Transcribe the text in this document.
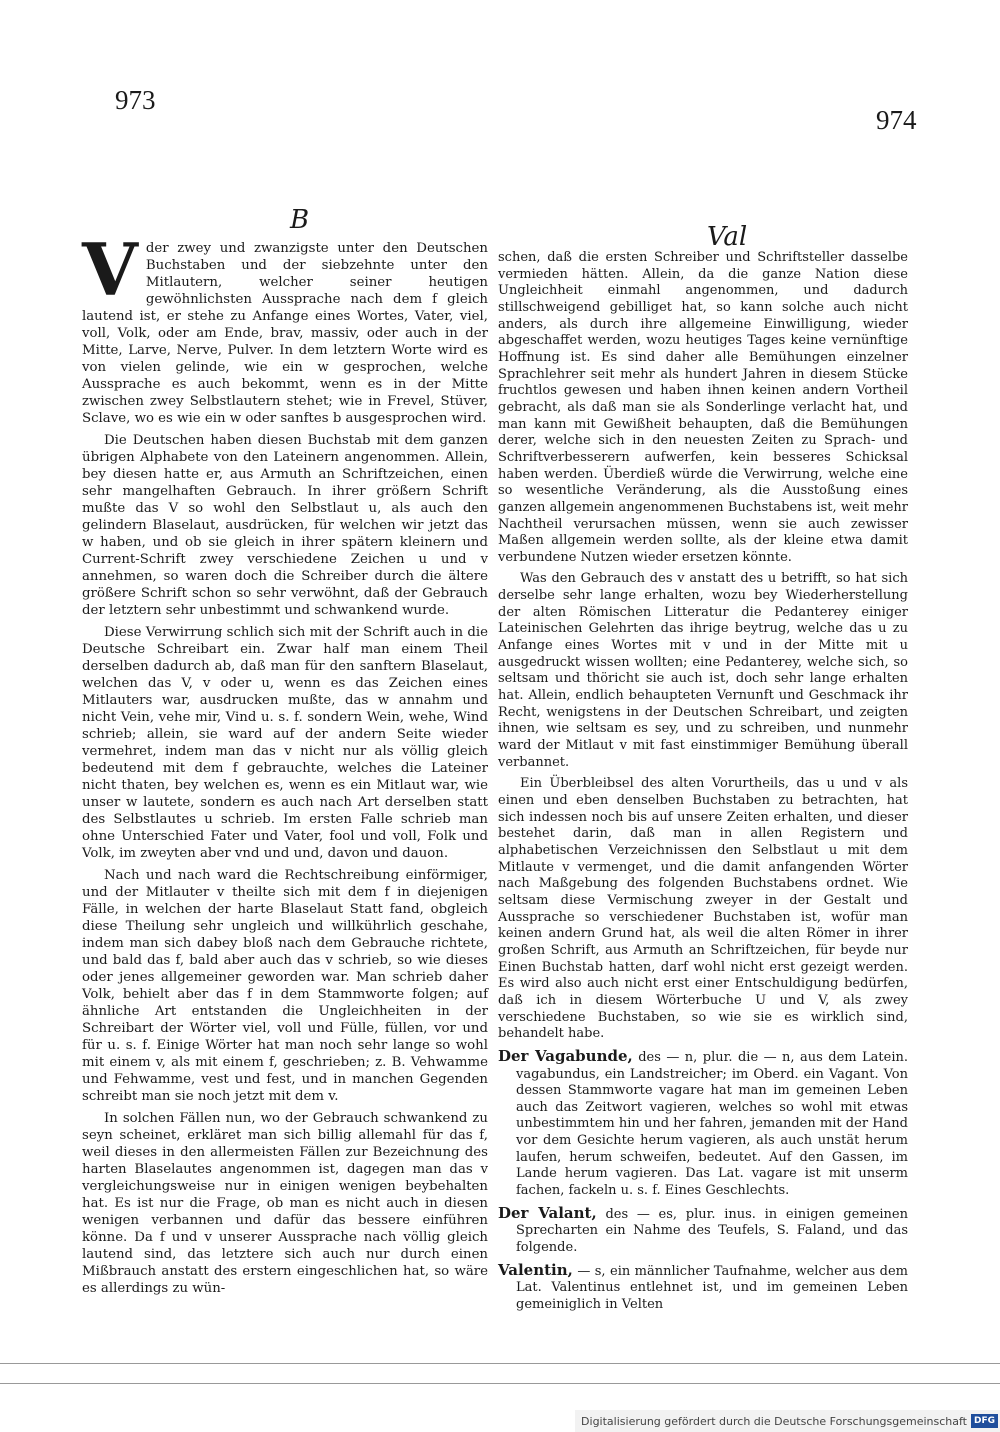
973
974
B
Val

V der zwey und zwanzigste unter den Deutschen Buchstaben und der siebzehnte unter den Mitlautern, welcher seiner heutigen gewöhnlichsten Aussprache nach dem f gleich lautend ist, er stehe zu Anfange eines Wortes, Vater, viel, voll, Volk, oder am Ende, brav, massiv, oder auch in der Mitte, Larve, Nerve, Pulver. In dem letztern Worte wird es von vielen gelinde, wie ein w gesprochen, welche Aussprache es auch bekommt, wenn es in der Mitte zwischen zwey Selbstlautern stehet; wie in Frevel, Stüver, Sclave, wo es wie ein w oder sanftes b ausgesprochen wird.

Die Deutschen haben diesen Buchstab mit dem ganzen übrigen Alphabete von den Lateinern angenommen. Allein, bey diesen hatte er, aus Armuth an Schriftzeichen, einen sehr mangelhaften Gebrauch. In ihrer größern Schrift mußte das V so wohl den Selbstlaut u, als auch den gelindern Blaselaut, ausdrücken, für welchen wir jetzt das w haben, und ob sie gleich in ihrer spätern kleinern und Current-Schrift zwey verschiedene Zeichen u und v annehmen, so waren doch die Schreiber durch die ältere größere Schrift schon so sehr verwöhnt, daß der Gebrauch der letztern sehr unbestimmt und schwankend wurde.

Diese Verwirrung schlich sich mit der Schrift auch in die Deutsche Schreibart ein. Zwar half man einem Theil derselben dadurch ab, daß man für den sanftern Blaselaut, welchen das V, v oder u, wenn es das Zeichen eines Mitlauters war, ausdrucken mußte, das w annahm und nicht Vein, vehe mir, Vind u. s. f. sondern Wein, wehe, Wind schrieb; allein, sie ward auf der andern Seite wieder vermehret, indem man das v nicht nur als völlig gleich bedeutend mit dem f gebrauchte, welches die Lateiner nicht thaten, bey welchen es, wenn es ein Mitlaut war, wie unser w lautete, sondern es auch nach Art derselben statt des Selbstlautes u schrieb. Im ersten Falle schrieb man ohne Unterschied Fater und Vater, fool und voll, Folk und Volk, im zweyten aber vnd und und, davon und dauon.

Nach und nach ward die Rechtschreibung einförmiger, und der Mitlauter v theilte sich mit dem f in diejenigen Fälle, in welchen der harte Blaselaut Statt fand, obgleich diese Theilung sehr ungleich und willkührlich geschahe, indem man sich dabey bloß nach dem Gebrauche richtete, und bald das f, bald aber auch das v schrieb, so wie dieses oder jenes allgemeiner geworden war. Man schrieb daher Volk, behielt aber das f in dem Stammworte folgen; auf ähnliche Art entstanden die Ungleichheiten in der Schreibart der Wörter viel, voll und Fülle, füllen, vor und für u. s. f. Einige Wörter hat man noch sehr lange so wohl mit einem v, als mit einem f, geschrieben; z. B. Vehwamme und Fehwamme, vest und fest, und in manchen Gegenden schreibt man sie noch jetzt mit dem v.

In solchen Fällen nun, wo der Gebrauch schwankend zu seyn scheinet, erkläret man sich billig allemahl für das f, weil dieses in den allermeisten Fällen zur Bezeichnung des harten Blaselautes angenommen ist, dagegen man das v vergleichungsweise nur in einigen wenigen beybehalten hat. Es ist nur die Frage, ob man es nicht auch in diesen wenigen verbannen und dafür das bessere einführen könne. Da f und v unserer Aussprache nach völlig gleich lautend sind, das letztere sich auch nur durch einen Mißbrauch anstatt des erstern eingeschlichen hat, so wäre es allerdings zu wün-

schen, daß die ersten Schreiber und Schriftsteller dasselbe vermieden hätten. Allein, da die ganze Nation diese Ungleichheit einmahl angenommen, und dadurch stillschweigend gebilliget hat, so kann solche auch nicht anders, als durch ihre allgemeine Einwilligung, wieder abgeschaffet werden, wozu heutiges Tages keine vernünftige Hoffnung ist. Es sind daher alle Bemühungen einzelner Sprachlehrer seit mehr als hundert Jahren in diesem Stücke fruchtlos gewesen und haben ihnen keinen andern Vortheil gebracht, als daß man sie als Sonderlinge verlacht hat, und man kann mit Gewißheit behaupten, daß die Bemühungen derer, welche sich in den neuesten Zeiten zu Sprach- und Schriftverbesserern aufwerfen, kein besseres Schicksal haben werden. Überdieß würde die Verwirrung, welche eine so wesentliche Veränderung, als die Ausstoßung eines ganzen allgemein angenommenen Buchstabens ist, weit mehr Nachtheil verursachen müssen, wenn sie auch zewisser Maßen allgemein werden sollte, als der kleine etwa damit verbundene Nutzen wieder ersetzen könnte.

Was den Gebrauch des v anstatt des u betrifft, so hat sich derselbe sehr lange erhalten, wozu bey Wiederherstellung der alten Römischen Litteratur die Pedanterey einiger Lateinischen Gelehrten das ihrige beytrug, welche das u zu Anfange eines Wortes mit v und in der Mitte mit u ausgedruckt wissen wollten; eine Pedanterey, welche sich, so seltsam und thöricht sie auch ist, doch sehr lange erhalten hat. Allein, endlich behaupteten Vernunft und Geschmack ihr Recht, wenigstens in der Deutschen Schreibart, und zeigten ihnen, wie seltsam es sey, und zu schreiben, und nunmehr ward der Mitlaut v mit fast einstimmiger Bemühung überall verbannet.

Ein Überbleibsel des alten Vorurtheils, das u und v als einen und eben denselben Buchstaben zu betrachten, hat sich indessen noch bis auf unsere Zeiten erhalten, und dieser bestehet darin, daß man in allen Registern und alphabetischen Verzeichnissen den Selbstlaut u mit dem Mitlaute v vermenget, und die damit anfangenden Wörter nach Maßgebung des folgenden Buchstabens ordnet. Wie seltsam diese Vermischung zweyer in der Gestalt und Aussprache so verschiedener Buchstaben ist, wofür man keinen andern Grund hat, als weil die alten Römer in ihrer großen Schrift, aus Armuth an Schriftzeichen, für beyde nur Einen Buchstab hatten, darf wohl nicht erst gezeigt werden. Es wird also auch nicht erst einer Entschuldigung bedürfen, daß ich in diesem Wörterbuche U und V, als zwey verschiedene Buchstaben, so wie sie es wirklich sind, behandelt habe.

Der Vagabunde, des — n, plur. die — n, aus dem Latein. vagabundus, ein Landstreicher; im Oberd. ein Vagant. Von dessen Stammworte vagare hat man im gemeinen Leben auch das Zeitwort vagieren, welches so wohl mit etwas unbestimmtem hin und her fahren, jemanden mit der Hand vor dem Gesichte herum vagieren, als auch unstät herum laufen, herum schweifen, bedeutet. Auf den Gassen, im Lande herum vagieren. Das Lat. vagare ist mit unserm fachen, fackeln u. s. f. Eines Geschlechts.

Der Valant, des — es, plur. inus. in einigen gemeinen Sprecharten ein Nahme des Teufels, S. Faland, und das folgende.

Valentin, — s, ein männlicher Taufnahme, welcher aus dem Lat. Valentinus entlehnet ist, und im gemeinen Leben gemeiniglich in Velten

Digitalisierung gefördert durch die Deutsche Forschungsgemeinschaft DFG
